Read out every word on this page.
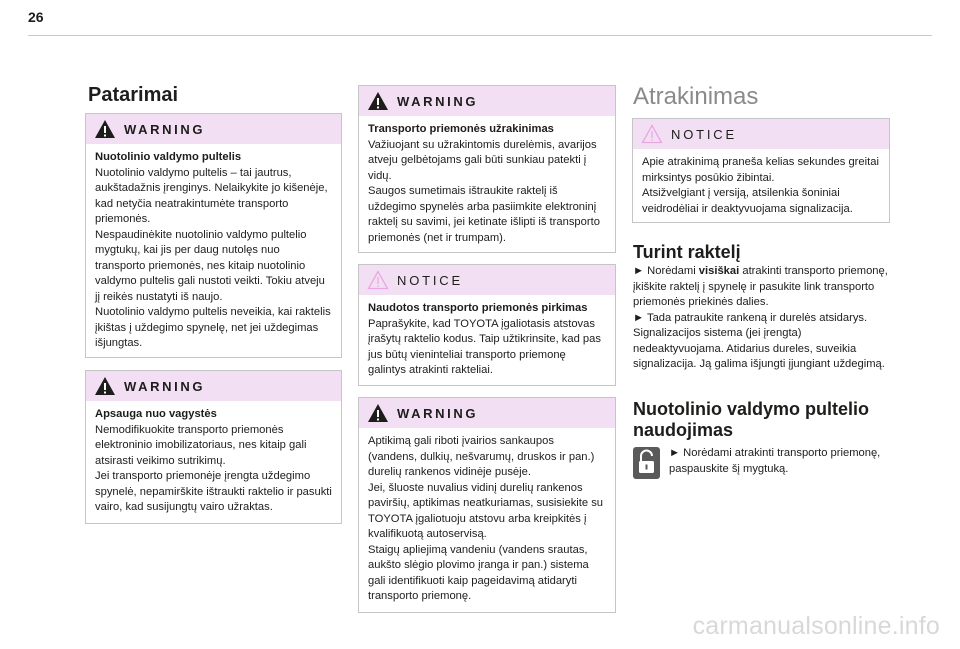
26
Patarimai
WARNING
Nuotolinio valdymo pultelis

Nuotolinio valdymo pultelis – tai jautrus, aukštadažnis įrenginys. Nelaikykite jo kišenėje, kad netyčia neatrakintumėte transporto priemonės.
Nespaudinėkite nuotolinio valdymo pultelio mygtukų, kai jis per daug nutolęs nuo transporto priemonės, nes kitaip nuotolinio valdymo pultelis gali nustoti veikti. Tokiu atveju jį reikės nustatyti iš naujo.
Nuotolinio valdymo pultelis neveikia, kai raktelis įkištas į uždegimo spynelę, net jei uždegimas išjungtas.

WARNING
Apsauga nuo vagystės

Nemodifikuokite transporto priemonės elektroninio imobilizatoriaus, nes kitaip gali atsirasti veikimo sutrikimų.
Jei transporto priemonėje įrengta uždegimo spynelė, nepamirškite ištraukti raktelio ir pasukti vairo, kad susijungtų vairo užraktas.

WARNING
Transporto priemonės užrakinimas

Važiuojant su užrakintomis durelėmis, avarijos atveju gelbėtojams gali būti sunkiau patekti į vidų.
Saugos sumetimais ištraukite raktelį iš uždegimo spynelės arba pasiimkite elektroninį raktelį su savimi, jei ketinate išlipti iš transporto priemonės (net ir trumpam).

NOTICE
Naudotos transporto priemonės pirkimas

Paprašykite, kad TOYOTA įgaliotasis atstovas įrašytų raktelio kodus. Taip užtikrinsite, kad pas jus būtų vieninteliai transporto priemonę galintys atrakinti rakteliai.

WARNING

Aptikimą gali riboti įvairios sankaupos (vandens, dulkių, nešvarumų, druskos ir pan.) durelių rankenos vidinėje pusėje.
Jei, šluoste nuvalius vidinį durelių rankenos paviršių, aptikimas neatkuriamas, susisiekite su TOYOTA įgaliotuoju atstovu arba kreipkitės į kvalifikuotą autoservisą.
Staigų apliejimą vandeniu (vandens srautas, aukšto slėgio plovimo įranga ir pan.) sistema gali identifikuoti kaip pageidavimą atidaryti transporto priemonę.

Atrakinimas
NOTICE

Apie atrakinimą praneša kelias sekundes greitai mirksintys posūkio žibintai.
Atsižvelgiant į versiją, atsilenkia šoniniai veidrodėliai ir deaktyvuojama signalizacija.

Turint raktelį

► Norėdami visiškai atrakinti transporto priemonę, įkiškite raktelį į spynelę ir pasukite link transporto priemonės priekinės dalies.

► Tada patraukite rankeną ir durelės atsidarys.
Signalizacijos sistema (jei įrengta) nedeaktyvuojama. Atidarius dureles, suveikia signalizacija. Ją galima išjungti įjungiant uždegimą.

Nuotolinio valdymo pultelio naudojimas

► Norėdami atrakinti transporto priemonę, paspauskite šį mygtuką.

carmanualsonline.info
